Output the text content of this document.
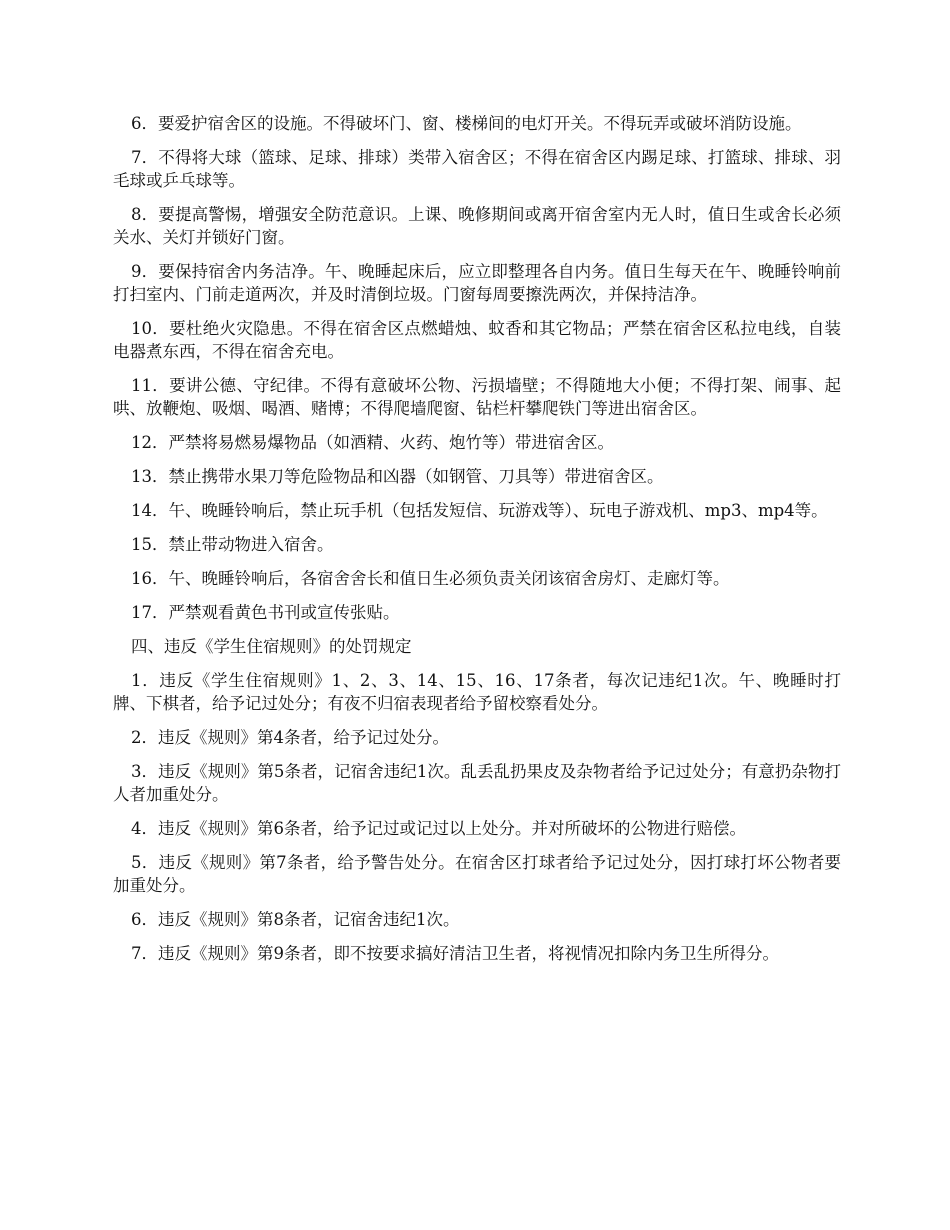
6．要爱护宿舍区的设施。不得破坏门、窗、楼梯间的电灯开关。不得玩弄或破坏消防设施。

7．不得将大球（篮球、足球、排球）类带入宿舍区；不得在宿舍区内踢足球、打篮球、排球、羽毛球或乒乓球等。

8．要提高警惕，增强安全防范意识。上课、晚修期间或离开宿舍室内无人时，值日生或舍长必须关水、关灯并锁好门窗。

9．要保持宿舍内务洁净。午、晚睡起床后，应立即整理各自内务。值日生每天在午、晚睡铃响前打扫室内、门前走道两次，并及时清倒垃圾。门窗每周要擦洗两次，并保持洁净。

10．要杜绝火灾隐患。不得在宿舍区点燃蜡烛、蚊香和其它物品；严禁在宿舍区私拉电线，自装电器煮东西，不得在宿舍充电。

11．要讲公德、守纪律。不得有意破坏公物、污损墙壁；不得随地大小便；不得打架、闹事、起哄、放鞭炮、吸烟、喝酒、赌博；不得爬墙爬窗、钻栏杆攀爬铁门等进出宿舍区。

12．严禁将易燃易爆物品（如酒精、火药、炮竹等）带进宿舍区。

13．禁止携带水果刀等危险物品和凶器（如钢管、刀具等）带进宿舍区。

14．午、晚睡铃响后，禁止玩手机（包括发短信、玩游戏等）、玩电子游戏机、mp3、mp4等。

15．禁止带动物进入宿舍。

16．午、晚睡铃响后，各宿舍舍长和值日生必须负责关闭该宿舍房灯、走廊灯等。

17．严禁观看黄色书刊或宣传张贴。

四、违反《学生住宿规则》的处罚规定

1．违反《学生住宿规则》1、2、3、14、15、16、17条者，每次记违纪1次。午、晚睡时打牌、下棋者，给予记过处分；有夜不归宿表现者给予留校察看处分。

2．违反《规则》第4条者，给予记过处分。

3．违反《规则》第5条者，记宿舍违纪1次。乱丢乱扔果皮及杂物者给予记过处分；有意扔杂物打人者加重处分。

4．违反《规则》第6条者，给予记过或记过以上处分。并对所破坏的公物进行赔偿。

5．违反《规则》第7条者，给予警告处分。在宿舍区打球者给予记过处分，因打球打坏公物者要加重处分。

6．违反《规则》第8条者，记宿舍违纪1次。

7．违反《规则》第9条者，即不按要求搞好清洁卫生者，将视情况扣除内务卫生所得分。
